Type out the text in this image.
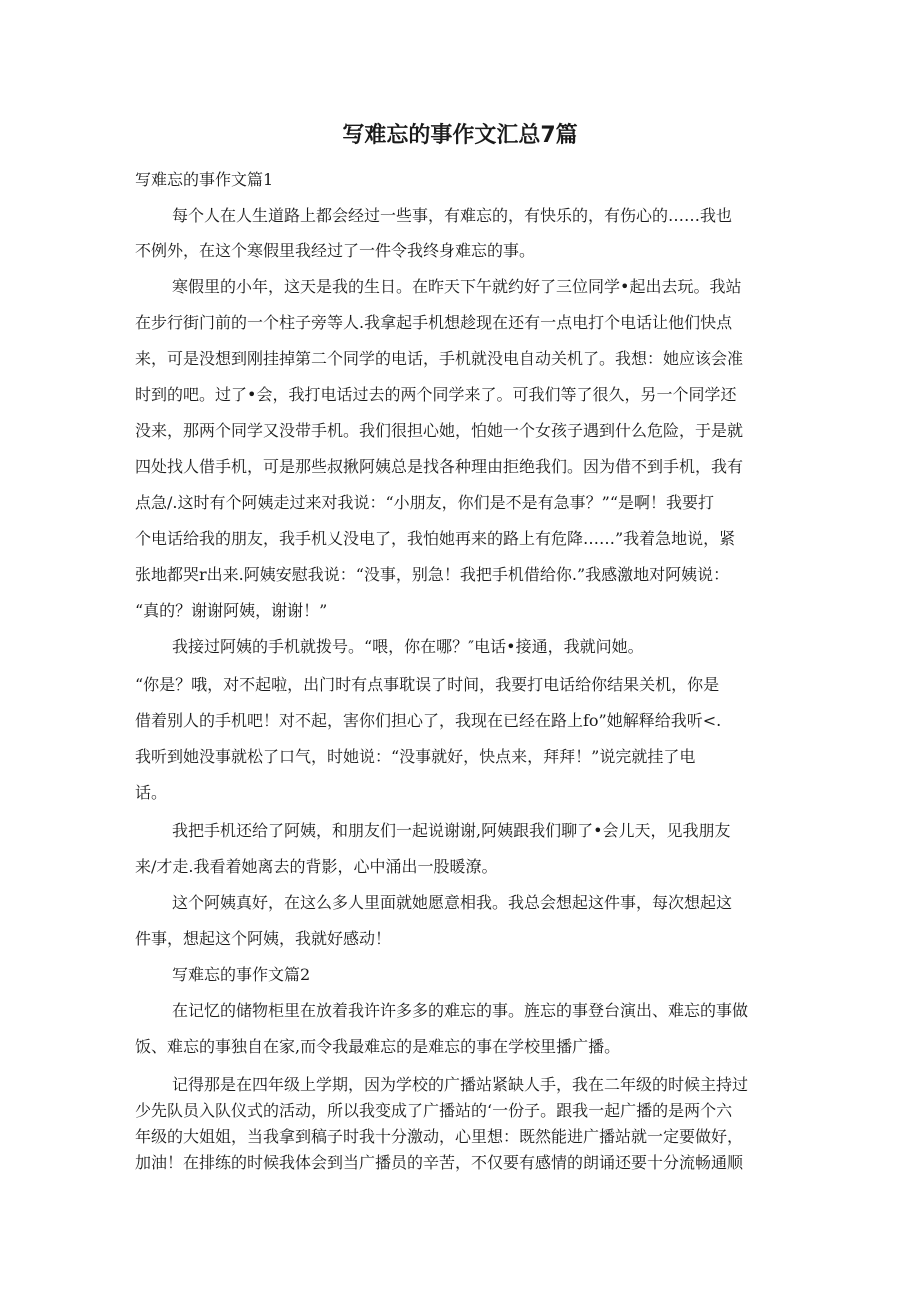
写难忘的事作文汇总7篇
写难忘的事作文篇1
每个人在人生道路上都会经过一些事，有难忘的，有快乐的，有伤心的……我也
不例外，在这个寒假里我经过了一件令我终身难忘的事。
寒假里的小年，这天是我的生日。在昨天下午就约好了三位同学•起出去玩。我站
在步行街门前的一个柱子旁等人.我拿起手机想趁现在还有一点电打个电话让他们快点
来，可是没想到刚挂掉第二个同学的电话，手机就没电自动关机了。我想：她应该会准
时到的吧。过了•会，我打电话过去的两个同学来了。可我们等了很久，另一个同学还
没来，那两个同学又没带手机。我们很担心她，怕她一个女孩子遇到什么危险，于是就
四处找人借手机，可是那些叔揪阿姨总是找各种理由拒绝我们。因为借不到手机，我有
点急/.这时有个阿姨走过来对我说：“小朋友，你们是不是有急事？”“是啊！我要打
个电话给我的朋友，我手机乂没电了，我怕她再来的路上有危降……”我着急地说，紧
张地都哭r出来.阿姨安慰我说：“没事，别急！我把手机借给你.”我感激地对阿姨说：
“真的？谢谢阿姨，谢谢！”
我接过阿姨的手机就拨号。“喂，你在哪？″电话•接通，我就问她。
“你是？哦，对不起啦，出门时有点事耽误了时间，我要打电话给你结果关机，你是
借着别人的手机吧！对不起，害你们担心了，我现在已经在路上fo”她解释给我听<.
我听到她没事就松了口气，时她说：“没事就好，快点来，拜拜！”说完就挂了电
话。
我把手机还给了阿姨，和朋友们一起说谢谢,阿姨跟我们聊了•会儿天，见我朋友
来/才走.我看着她离去的背影，心中涌出一股暖潦。
这个阿姨真好，在这么多人里面就她愿意相我。我总会想起这件事，每次想起这
件事，想起这个阿姨，我就好感动！
写难忘的事作文篇2
在记忆的储物柜里在放着我许许多多的难忘的事。旌忘的事登台演出、难忘的事做
饭、难忘的事独自在家,而令我最难忘的是难忘的事在学校里播广播。
记得那是在四年级上学期，因为学校的广播站紧缺人手，我在二年级的时候主持过
少先队员入队仪式的活动，所以我变成了广播站的‘一份子。跟我一起广播的是两个六
年级的大姐姐，当我拿到稿子时我十分激动，心里想：既然能进广播站就一定要做好，
加油！在排练的时候我体会到当广播员的辛苦，不仅要有感情的朗诵还要十分流畅通顺
